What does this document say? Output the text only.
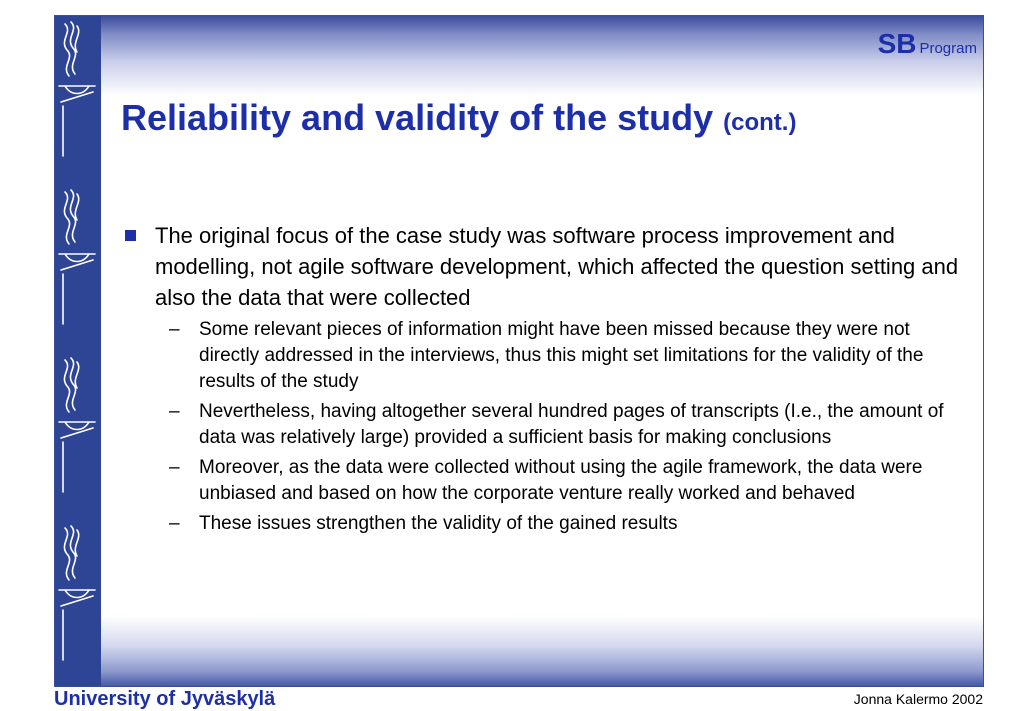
SB Program
Reliability and validity of the study (cont.)
The original focus of the case study was software process improvement and modelling, not agile software development, which affected the question setting and also the data that were collected
– Some relevant pieces of information might have been missed because they were not directly addressed in the interviews, thus this might set limitations for the validity of the results of the study
– Nevertheless, having altogether several hundred pages of transcripts (I.e., the amount of data was relatively large) provided a sufficient basis for making conclusions
– Moreover, as the data were collected without using the agile framework, the data were unbiased and based on how the corporate venture really worked and behaved
– These issues strengthen the validity of the gained results
University of Jyväskylä	Jonna Kalermo 2002
